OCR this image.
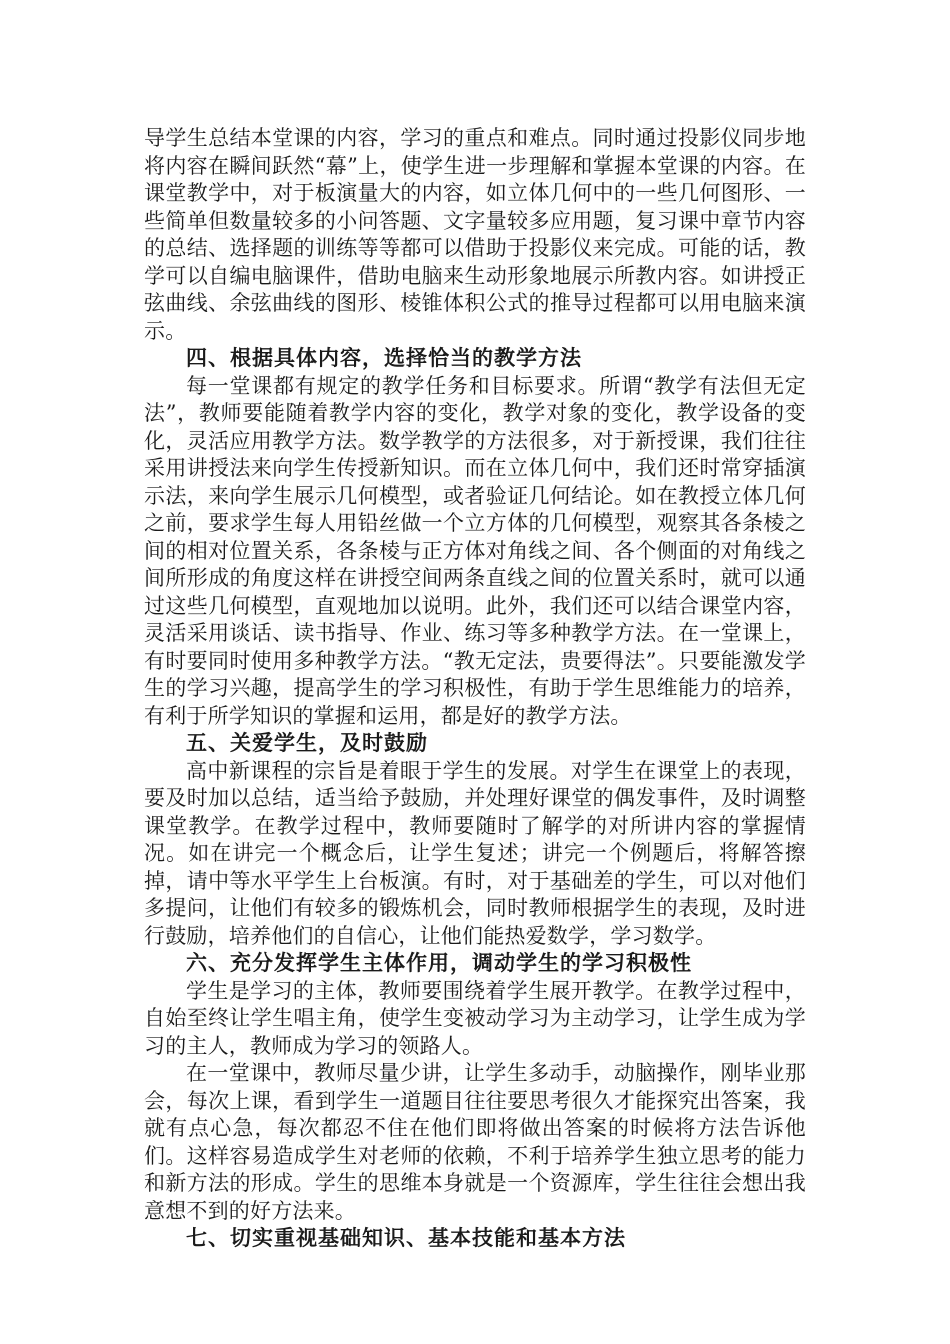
导学生总结本堂课的内容，学习的重点和难点。同时通过投影仪同步地将内容在瞬间跃然“幕”上，使学生进一步理解和掌握本堂课的内容。在课堂教学中，对于板演量大的内容，如立体几何中的一些几何图形、一些简单但数量较多的小问答题、文字量较多应用题，复习课中章节内容的总结、选择题的训练等等都可以借助于投影仪来完成。可能的话，教学可以自编电脑课件，借助电脑来生动形象地展示所教内容。如讲授正弦曲线、余弦曲线的图形、棱锥体积公式的推导过程都可以用电脑来演示。

四、根据具体内容，选择恰当的教学方法

每一堂课都有规定的教学任务和目标要求。所谓“教学有法但无定法”，教师要能随着教学内容的变化，教学对象的变化，教学设备的变化，灵活应用教学方法。数学教学的方法很多，对于新授课，我们往往采用讲授法来向学生传授新知识。而在立体几何中，我们还时常穿插演示法，来向学生展示几何模型，或者验证几何结论。如在教授立体几何之前，要求学生每人用铅丝做一个立方体的几何模型，观察其各条棱之间的相对位置关系，各条棱与正方体对角线之间、各个侧面的对角线之间所形成的角度这样在讲授空间两条直线之间的位置关系时，就可以通过这些几何模型，直观地加以说明。此外，我们还可以结合课堂内容，灵活采用谈话、读书指导、作业、练习等多种教学方法。在一堂课上，有时要同时使用多种教学方法。“教无定法，贵要得法”。只要能激发学生的学习兴趣，提高学生的学习积极性，有助于学生思维能力的培养，有利于所学知识的掌握和运用，都是好的教学方法。

五、关爱学生，及时鼓励

高中新课程的宗旨是着眼于学生的发展。对学生在课堂上的表现，要及时加以总结，适当给予鼓励，并处理好课堂的偶发事件，及时调整课堂教学。在教学过程中，教师要随时了解学的对所讲内容的掌握情况。如在讲完一个概念后，让学生复述；讲完一个例题后，将解答擦掉，请中等水平学生上台板演。有时，对于基础差的学生，可以对他们多提问，让他们有较多的锻炼机会，同时教师根据学生的表现，及时进行鼓励，培养他们的自信心，让他们能热爱数学，学习数学。

六、充分发挥学生主体作用，调动学生的学习积极性

学生是学习的主体，教师要围绕着学生展开教学。在教学过程中，自始至终让学生唱主角，使学生变被动学习为主动学习，让学生成为学习的主人，教师成为学习的领路人。

在一堂课中，教师尽量少讲，让学生多动手，动脑操作，刚毕业那会，每次上课，看到学生一道题目往往要思考很久才能探究出答案，我就有点心急，每次都忍不住在他们即将做出答案的时候将方法告诉他们。这样容易造成学生对老师的依赖，不利于培养学生独立思考的能力和新方法的形成。学生的思维本身就是一个资源库，学生往往会想出我意想不到的好方法来。

七、切实重视基础知识、基本技能和基本方法
